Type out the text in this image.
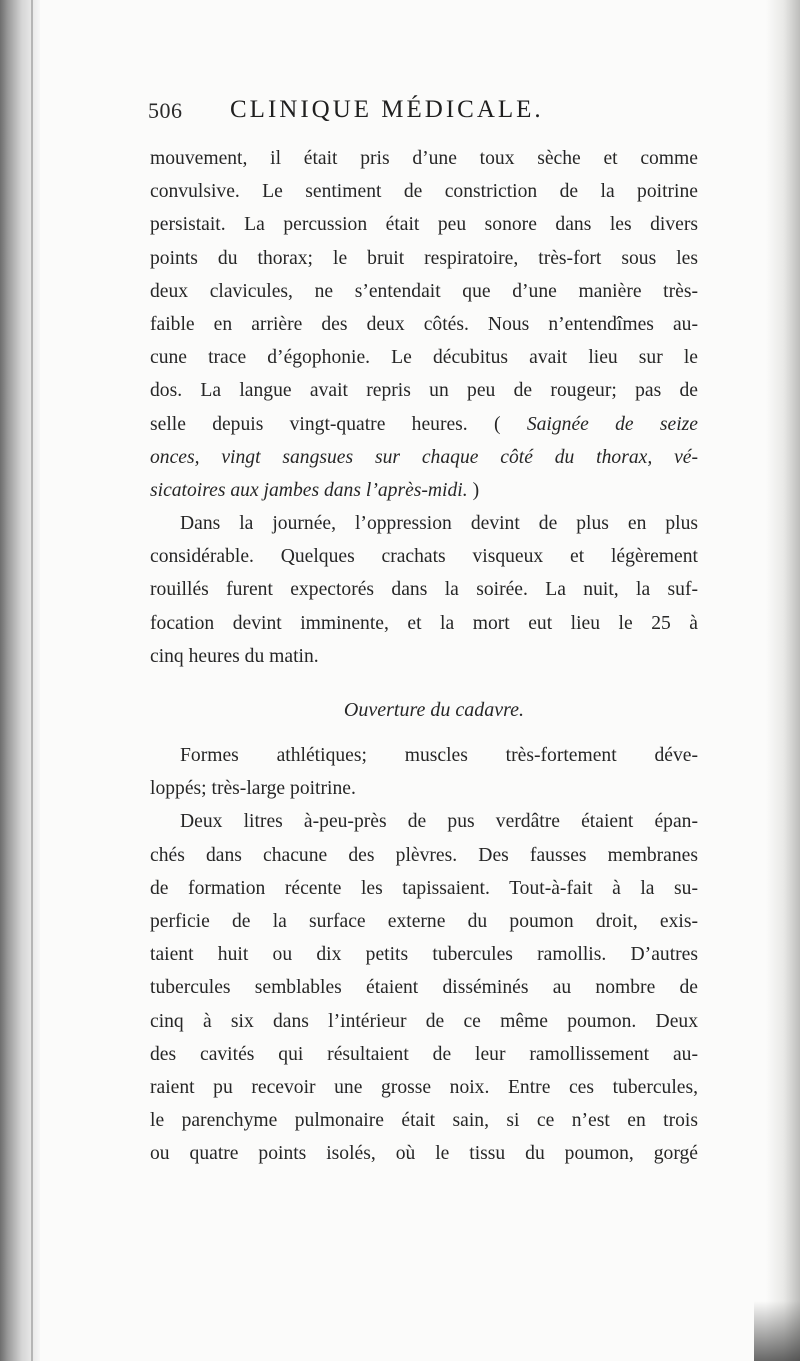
506 CLINIQUE MÉDICALE.
mouvement, il était pris d’une toux sèche et comme
convulsive. Le sentiment de constriction de la poitrine
persistait. La percussion était peu sonore dans les divers
points du thorax; le bruit respiratoire, très-fort sous les
deux clavicules, ne s’entendait que d’une manière très-
faible en arrière des deux côtés. Nous n’entendîmes au-
cune trace d’égophonie. Le décubitus avait lieu sur le
dos. La langue avait repris un peu de rougeur; pas de
selle depuis vingt-quatre heures. ( Saignée de seize
onces, vingt sangsues sur chaque côté du thorax, vé-
sicatoires aux jambes dans l’après-midi. )
Dans la journée, l’oppression devint de plus en plus
considérable. Quelques crachats visqueux et légèrement
rouillés furent expectorés dans la soirée. La nuit, la suf-
focation devint imminente, et la mort eut lieu le 25 à
cinq heures du matin.
Ouverture du cadavre.
Formes athlétiques; muscles très-fortement déve-
loppés; très-large poitrine.
Deux litres à-peu-près de pus verdâtre étaient épan-
chés dans chacune des plèvres. Des fausses membranes
de formation récente les tapissaient. Tout-à-fait à la su-
perficie de la surface externe du poumon droit, exis-
taient huit ou dix petits tubercules ramollis. D’autres
tubercules semblables étaient disséminés au nombre de
cinq à six dans l’intérieur de ce même poumon. Deux
des cavités qui résultaient de leur ramollissement au-
raient pu recevoir une grosse noix. Entre ces tubercules,
le parenchyme pulmonaire était sain, si ce n’est en trois
ou quatre points isolés, où le tissu du poumon, gorgé
